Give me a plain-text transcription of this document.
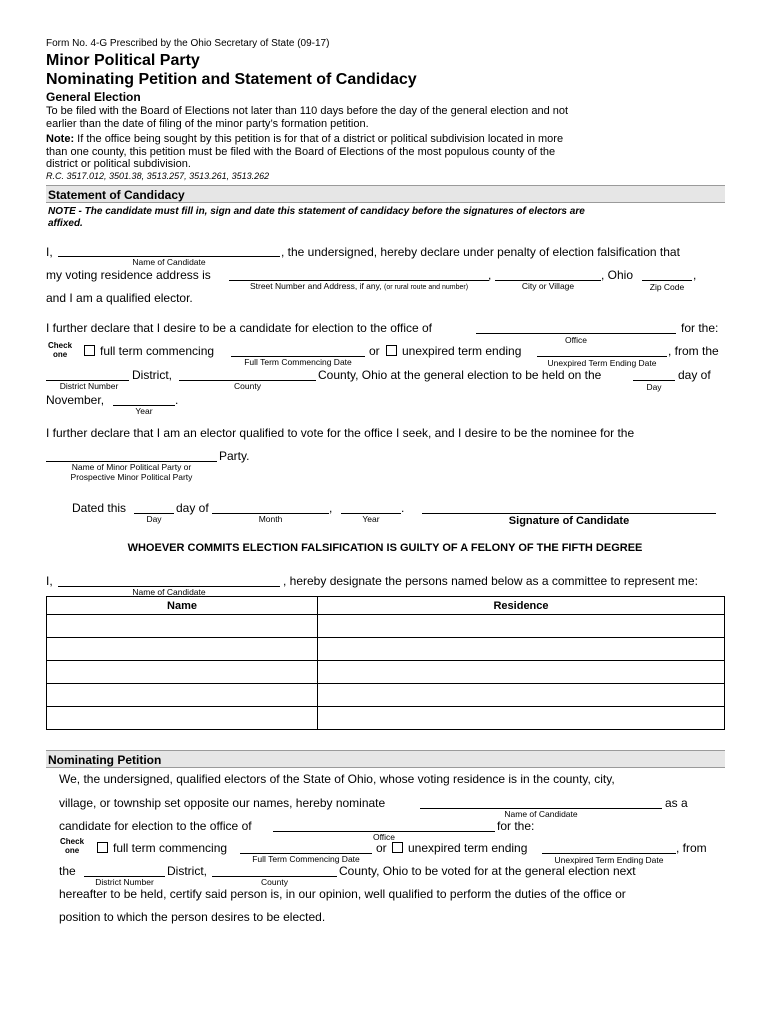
Form No. 4-G Prescribed by the Ohio Secretary of State (09-17)
Minor Political Party
Nominating Petition and Statement of Candidacy
General Election
To be filed with the Board of Elections not later than 110 days before the day of the general election and not
earlier than the date of filing of the minor party’s formation petition.
Note: If the office being sought by this petition is for that of a district or political subdivision located in more
than one county, this petition must be filed with the Board of Elections of the most populous county of the
district or political subdivision.
R.C. 3517.012, 3501.38, 3513.257, 3513.261, 3513.262
Statement of Candidacy
NOTE - The candidate must fill in, sign and date this statement of candidacy before the signatures of electors are
affixed.
I,	, the undersigned, hereby declare under penalty of election falsification that
Name of Candidate
my voting residence address is	,	, Ohio	,
Street Number and Address, if any, (or rural route and number)	City or Village	Zip Code
and I am a qualified elector.
I further declare that I desire to be a candidate for election to the office of	for the:
Office
Check
one	full term commencing	or unexpired term ending	, from the
Full Term Commencing Date	Unexpired Term Ending Date
District,	County, Ohio at the general election to be held on the	day of
District Number	County	Day
November,	.
Year
I further declare that I am an elector qualified to vote for the office I seek, and I desire to be the nominee for the
Party.
Name of Minor Political Party or
Prospective Minor Political Party
Dated this	day of	,	.
Day	Month	Year	Signature of Candidate
WHOEVER COMMITS ELECTION FALSIFICATION IS GUILTY OF A FELONY OF THE FIFTH DEGREE
I,	, hereby designate the persons named below as a committee to represent me:
Name of Candidate
Name	Residence

Nominating Petition
We, the undersigned, qualified electors of the State of Ohio, whose voting residence is in the county, city,
village, or township set opposite our names, hereby nominate	as a
Name of Candidate
candidate for election to the office of	for the:
Office
Check
one	full term commencing	or unexpired term ending	, from
Full Term Commencing Date	Unexpired Term Ending Date
the	District,	County, Ohio to be voted for at the general election next
District Number	County
hereafter to be held, certify said person is, in our opinion, well qualified to perform the duties of the office or
position to which the person desires to be elected.
